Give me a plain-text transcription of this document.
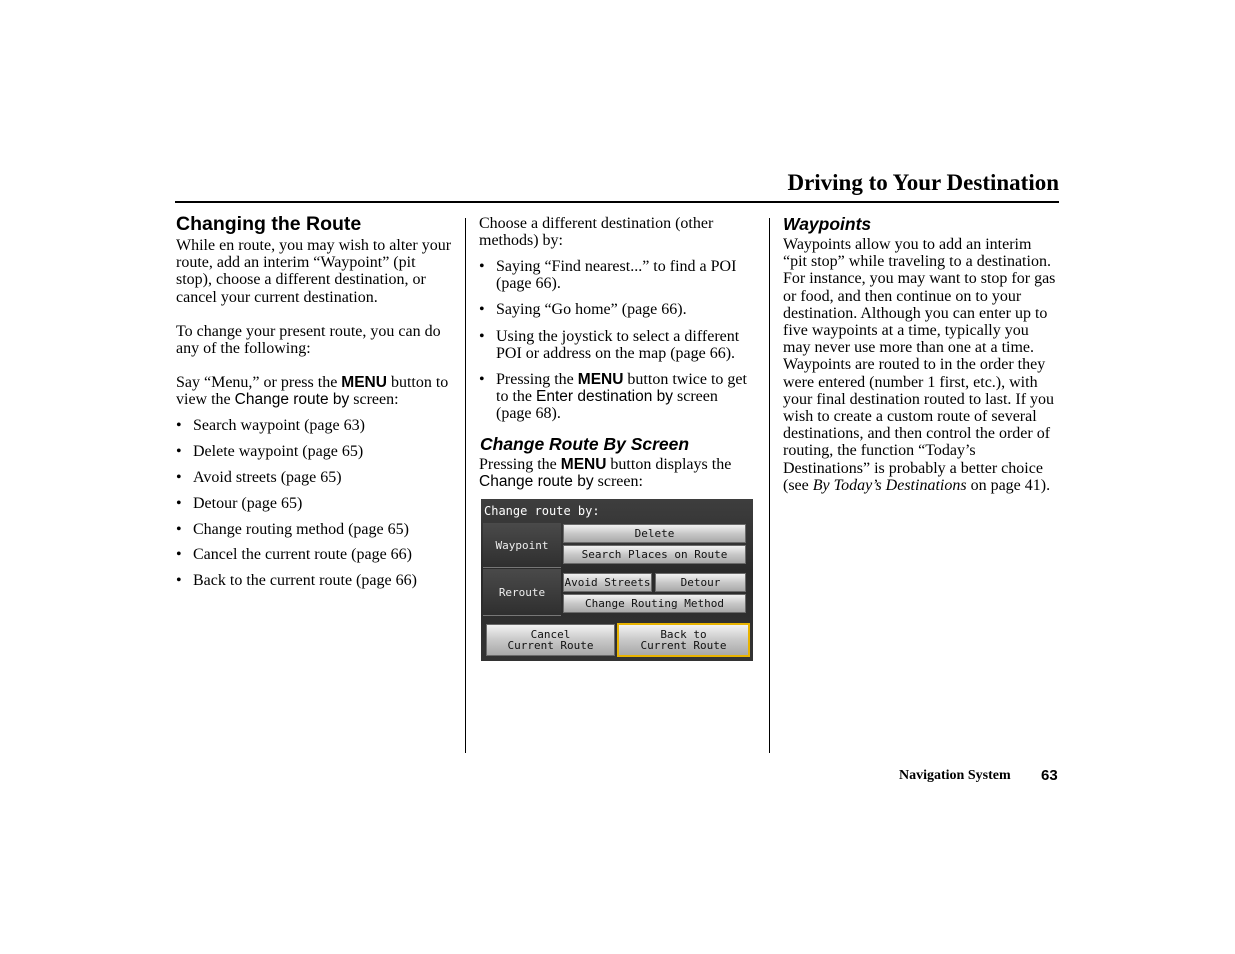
Driving to Your Destination
Changing the Route
While en route, you may wish to alter your route, add an interim “Waypoint” (pit stop), choose a different destination, or cancel your current destination.
To change your present route, you can do any of the following:
Say “Menu,” or press the MENU button to view the Change route by screen:
• Search waypoint (page 63)
• Delete waypoint (page 65)
• Avoid streets (page 65)
• Detour (page 65)
• Change routing method (page 65)
• Cancel the current route (page 66)
• Back to the current route (page 66)
Choose a different destination (other methods) by:
• Saying “Find nearest...” to find a POI (page 66).
• Saying “Go home” (page 66).
• Using the joystick to select a different POI or address on the map (page 66).
• Pressing the MENU button twice to get to the Enter destination by screen (page 68).
Change Route By Screen
Pressing the MENU button displays the Change route by screen:
Change route by:
Waypoint
Delete
Search Places on Route
Reroute
Avoid Streets	Detour
Change Routing Method
Cancel
Current Route
Back to
Current Route
Waypoints
Waypoints allow you to add an interim “pit stop” while traveling to a destination. For instance, you may want to stop for gas or food, and then continue on to your destination. Although you can enter up to five waypoints at a time, typically you may never use more than one at a time. Waypoints are routed to in the order they were entered (number 1 first, etc.), with your final destination routed to last. If you wish to create a custom route of several destinations, and then control the order of routing, the function “Today’s Destinations” is probably a better choice (see By Today’s Destinations on page 41).
Navigation System 63
